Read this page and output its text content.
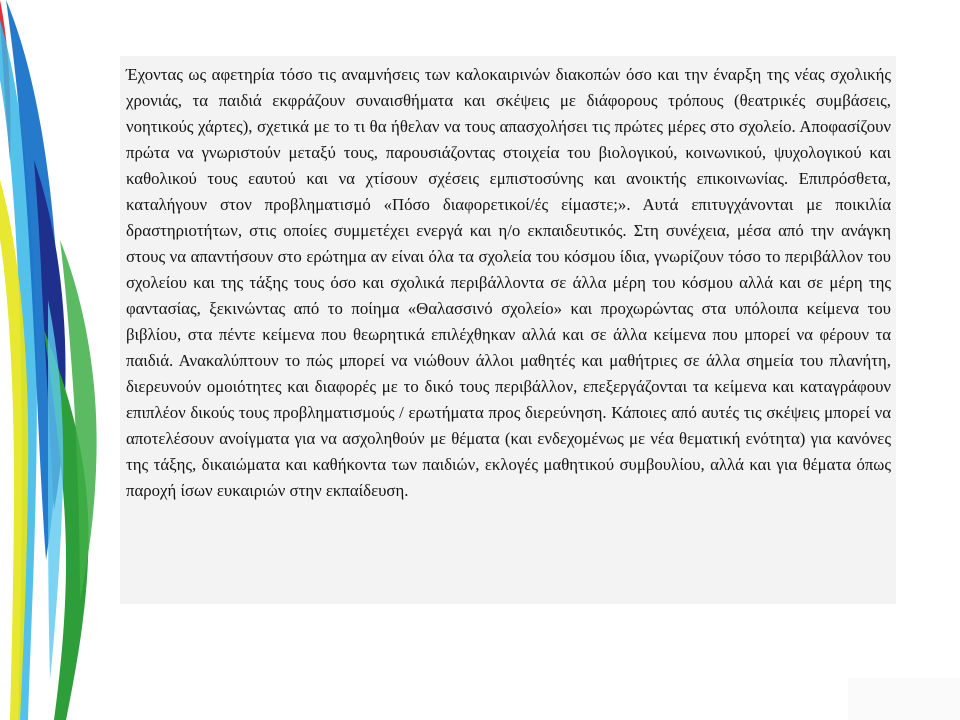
Έχοντας ως αφετηρία τόσο τις αναμνήσεις των καλοκαιρινών διακοπών όσο και την έναρξη της νέας σχολικής χρονιάς, τα παιδιά εκφράζουν συναισθήματα και σκέψεις με διάφορους τρόπους (θεατρικές συμβάσεις, νοητικούς χάρτες), σχετικά με το τι θα ήθελαν να τους απασχολήσει τις πρώτες μέρες στο σχολείο. Αποφασίζουν πρώτα να γνωριστούν μεταξύ τους, παρουσιάζοντας στοιχεία του βιολογικού, κοινωνικού, ψυχολογικού και καθολικού τους εαυτού και να χτίσουν σχέσεις εμπιστοσύνης και ανοικτής επικοινωνίας. Επιπρόσθετα, καταλήγουν στον προβληματισμό «Πόσο διαφορετικοί/ές είμαστε;». Αυτά επιτυγχάνονται με ποικιλία δραστηριοτήτων, στις οποίες συμμετέχει ενεργά και η/ο εκπαιδευτικός. Στη συνέχεια, μέσα από την ανάγκη στους να απαντήσουν στο ερώτημα αν είναι όλα τα σχολεία του κόσμου ίδια, γνωρίζουν τόσο το περιβάλλον του σχολείου και της τάξης τους όσο και σχολικά περιβάλλοντα σε άλλα μέρη του κόσμου αλλά και σε μέρη της φαντασίας, ξεκινώντας από το ποίημα «Θαλασσινό σχολείο» και προχωρώντας στα υπόλοιπα κείμενα του βιβλίου, στα πέντε κείμενα που θεωρητικά επιλέχθηκαν αλλά και σε άλλα κείμενα που μπορεί να φέρουν τα παιδιά. Ανακαλύπτουν το πώς μπορεί να νιώθουν άλλοι μαθητές και μαθήτριες σε άλλα σημεία του πλανήτη, διερευνούν ομοιότητες και διαφορές με το δικό τους περιβάλλον, επεξεργάζονται τα κείμενα και καταγράφουν επιπλέον δικούς τους προβληματισμούς / ερωτήματα προς διερεύνηση. Κάποιες από αυτές τις σκέψεις μπορεί να αποτελέσουν ανοίγματα για να ασχοληθούν με θέματα (και ενδεχομένως με νέα θεματική ενότητα) για κανόνες της τάξης, δικαιώματα και καθήκοντα των παιδιών, εκλογές μαθητικού συμβουλίου, αλλά και για θέματα όπως παροχή ίσων ευκαιριών στην εκπαίδευση.
